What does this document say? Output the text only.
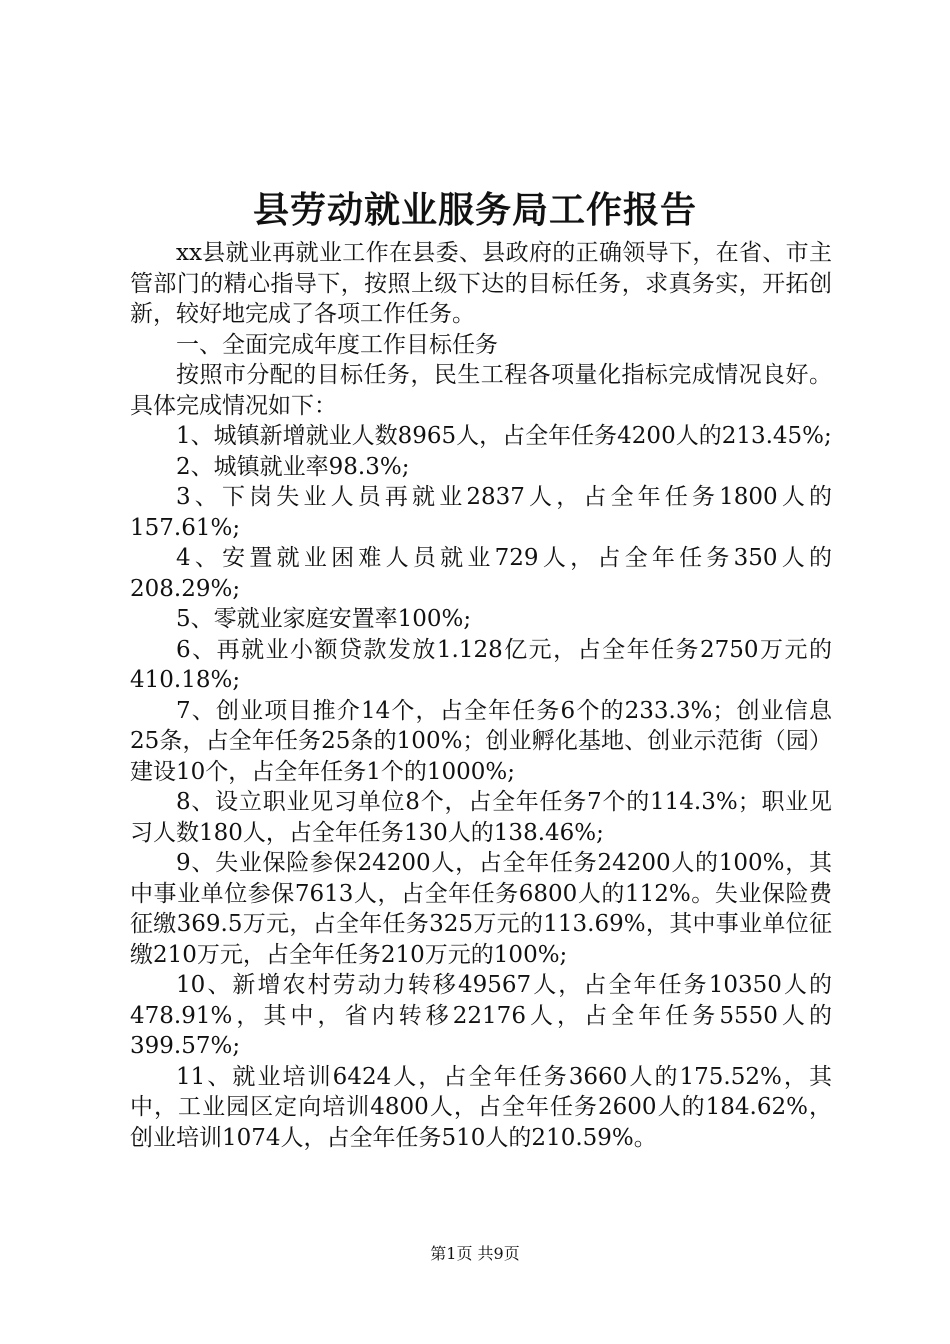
县劳动就业服务局工作报告

xx县就业再就业工作在县委、县政府的正确领导下，在省、市主管部门的精心指导下，按照上级下达的目标任务，求真务实，开拓创新，较好地完成了各项工作任务。

一、全面完成年度工作目标任务

按照市分配的目标任务，民生工程各项量化指标完成情况良好。具体完成情况如下：

1、城镇新增就业人数8965人，占全年任务4200人的213.45%;

2、城镇就业率98.3%;

3、下岗失业人员再就业2837人，占全年任务1800人的157.61%;

4、安置就业困难人员就业729人，占全年任务350人的208.29%;

5、零就业家庭安置率100%;

6、再就业小额贷款发放1.128亿元，占全年任务2750万元的410.18%;

7、创业项目推介14个，占全年任务6个的233.3%；创业信息25条，占全年任务25条的100%；创业孵化基地、创业示范街（园）建设10个，占全年任务1个的1000%;

8、设立职业见习单位8个，占全年任务7个的114.3%；职业见习人数180人，占全年任务130人的138.46%;

9、失业保险参保24200人，占全年任务24200人的100%，其中事业单位参保7613人，占全年任务6800人的112%。失业保险费征缴369.5万元，占全年任务325万元的113.69%，其中事业单位征缴210万元，占全年任务210万元的100%;

10、新增农村劳动力转移49567人，占全年任务10350人的478.91%，其中，省内转移22176人，占全年任务5550人的399.57%;

11、就业培训6424人，占全年任务3660人的175.52%，其中，工业园区定向培训4800人，占全年任务2600人的184.62%，创业培训1074人，占全年任务510人的210.59%。

第1页 共9页
